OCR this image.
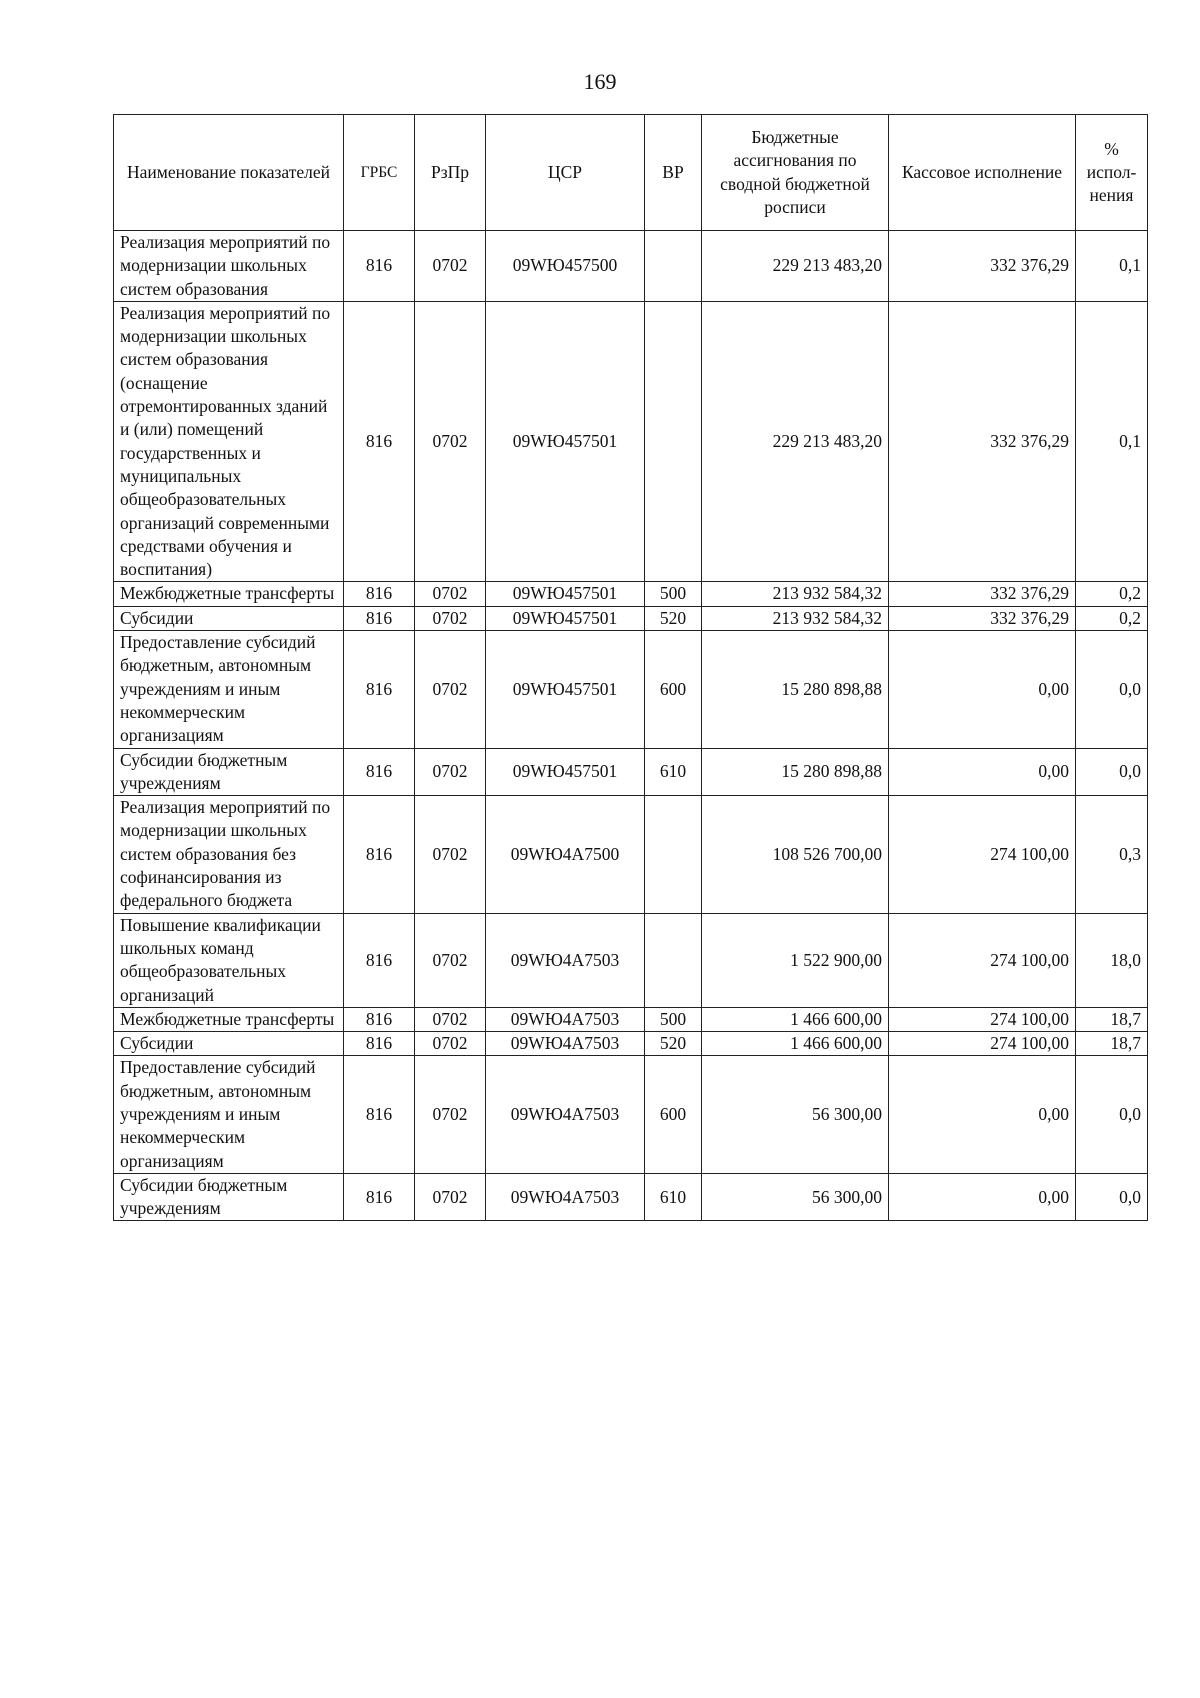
169
Наименование показателей	ГРБС	РзПр	ЦСР	ВР	Бюджетные ассигнования по сводной бюджетной росписи	Кассовое исполнение	% испол-нения
Реализация мероприятий по модернизации школьных систем образования	816	0702	09WЮ457500		229 213 483,20	332 376,29	0,1
Реализация мероприятий по модернизации школьных систем образования (оснащение отремонтированных зданий и (или) помещений государственных и муниципальных общеобразовательных организаций современными средствами обучения и воспитания)	816	0702	09WЮ457501		229 213 483,20	332 376,29	0,1
Межбюджетные трансферты	816	0702	09WЮ457501	500	213 932 584,32	332 376,29	0,2
Субсидии	816	0702	09WЮ457501	520	213 932 584,32	332 376,29	0,2
Предоставление субсидий бюджетным, автономным учреждениям и иным некоммерческим организациям	816	0702	09WЮ457501	600	15 280 898,88	0,00	0,0
Субсидии бюджетным учреждениям	816	0702	09WЮ457501	610	15 280 898,88	0,00	0,0
Реализация мероприятий по модернизации школьных систем образования без софинансирования из федерального бюджета	816	0702	09WЮ4A7500		108 526 700,00	274 100,00	0,3
Повышение квалификации школьных команд общеобразовательных организаций	816	0702	09WЮ4A7503		1 522 900,00	274 100,00	18,0
Межбюджетные трансферты	816	0702	09WЮ4A7503	500	1 466 600,00	274 100,00	18,7
Субсидии	816	0702	09WЮ4A7503	520	1 466 600,00	274 100,00	18,7
Предоставление субсидий бюджетным, автономным учреждениям и иным некоммерческим организациям	816	0702	09WЮ4A7503	600	56 300,00	0,00	0,0
Субсидии бюджетным учреждениям	816	0702	09WЮ4A7503	610	56 300,00	0,00	0,0
